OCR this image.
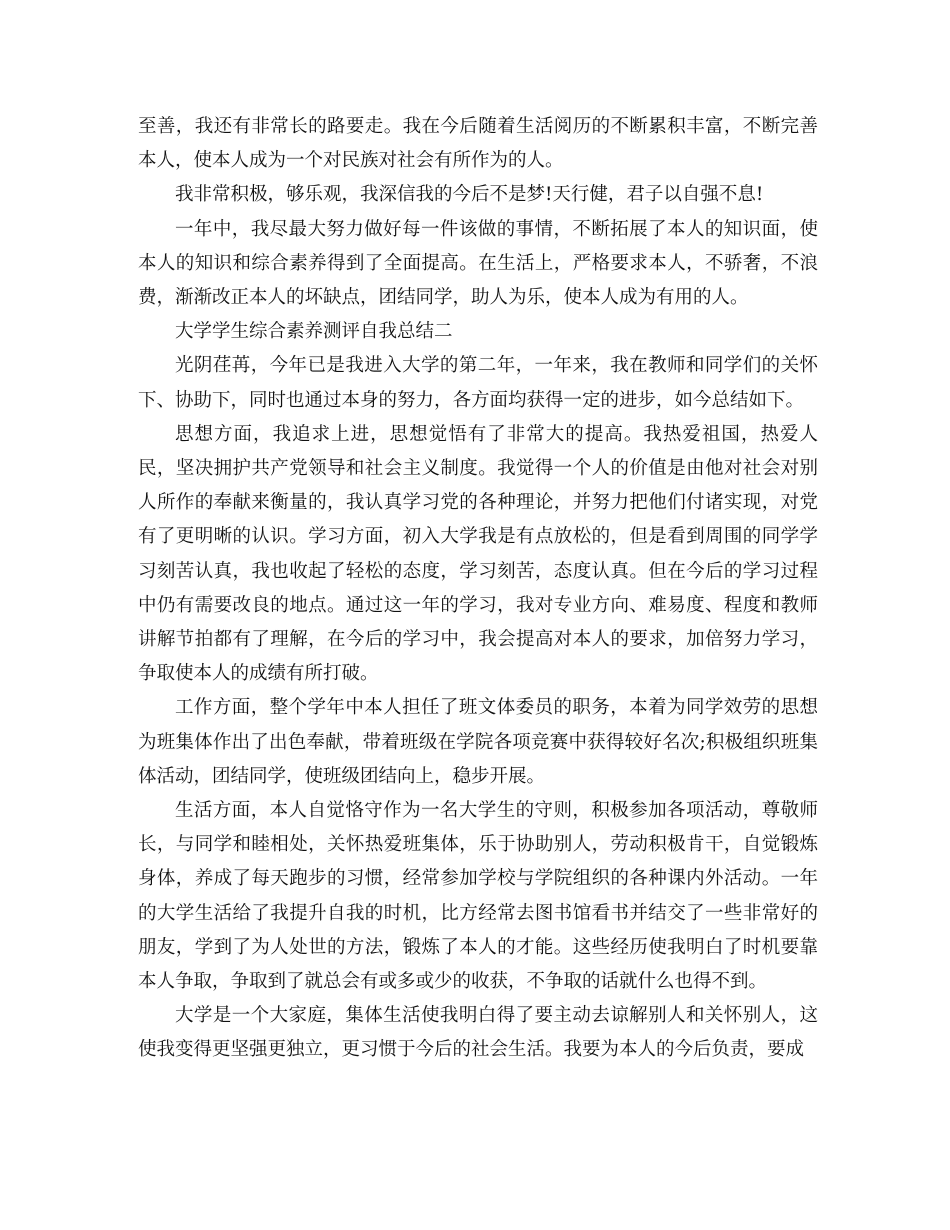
至善，我还有非常长的路要走。我在今后随着生活阅历的不断累积丰富，不断完善本人，使本人成为一个对民族对社会有所作为的人。

我非常积极，够乐观，我深信我的今后不是梦!天行健，君子以自强不息!

一年中，我尽最大努力做好每一件该做的事情，不断拓展了本人的知识面，使本人的知识和综合素养得到了全面提高。在生活上，严格要求本人，不骄奢，不浪费，渐渐改正本人的坏缺点，团结同学，助人为乐，使本人成为有用的人。

大学学生综合素养测评自我总结二

光阴荏苒，今年已是我进入大学的第二年，一年来，我在教师和同学们的关怀下、协助下，同时也通过本身的努力，各方面均获得一定的进步，如今总结如下。

思想方面，我追求上进，思想觉悟有了非常大的提高。我热爱祖国，热爱人民，坚决拥护共产党领导和社会主义制度。我觉得一个人的价值是由他对社会对别人所作的奉献来衡量的，我认真学习党的各种理论，并努力把他们付诸实现，对党有了更明晰的认识。学习方面，初入大学我是有点放松的，但是看到周围的同学学习刻苦认真，我也收起了轻松的态度，学习刻苦，态度认真。但在今后的学习过程中仍有需要改良的地点。通过这一年的学习，我对专业方向、难易度、程度和教师讲解节拍都有了理解，在今后的学习中，我会提高对本人的要求，加倍努力学习，争取使本人的成绩有所打破。

工作方面，整个学年中本人担任了班文体委员的职务，本着为同学效劳的思想为班集体作出了出色奉献，带着班级在学院各项竞赛中获得较好名次;积极组织班集体活动，团结同学，使班级团结向上，稳步开展。

生活方面，本人自觉恪守作为一名大学生的守则，积极参加各项活动，尊敬师长，与同学和睦相处，关怀热爱班集体，乐于协助别人，劳动积极肯干，自觉锻炼身体，养成了每天跑步的习惯，经常参加学校与学院组织的各种课内外活动。一年的大学生活给了我提升自我的时机，比方经常去图书馆看书并结交了一些非常好的朋友，学到了为人处世的方法，锻炼了本人的才能。这些经历使我明白了时机要靠本人争取，争取到了就总会有或多或少的收获，不争取的话就什么也得不到。

大学是一个大家庭，集体生活使我明白得了要主动去谅解别人和关怀别人，这使我变得更坚强更独立，更习惯于今后的社会生活。我要为本人的今后负责，要成
